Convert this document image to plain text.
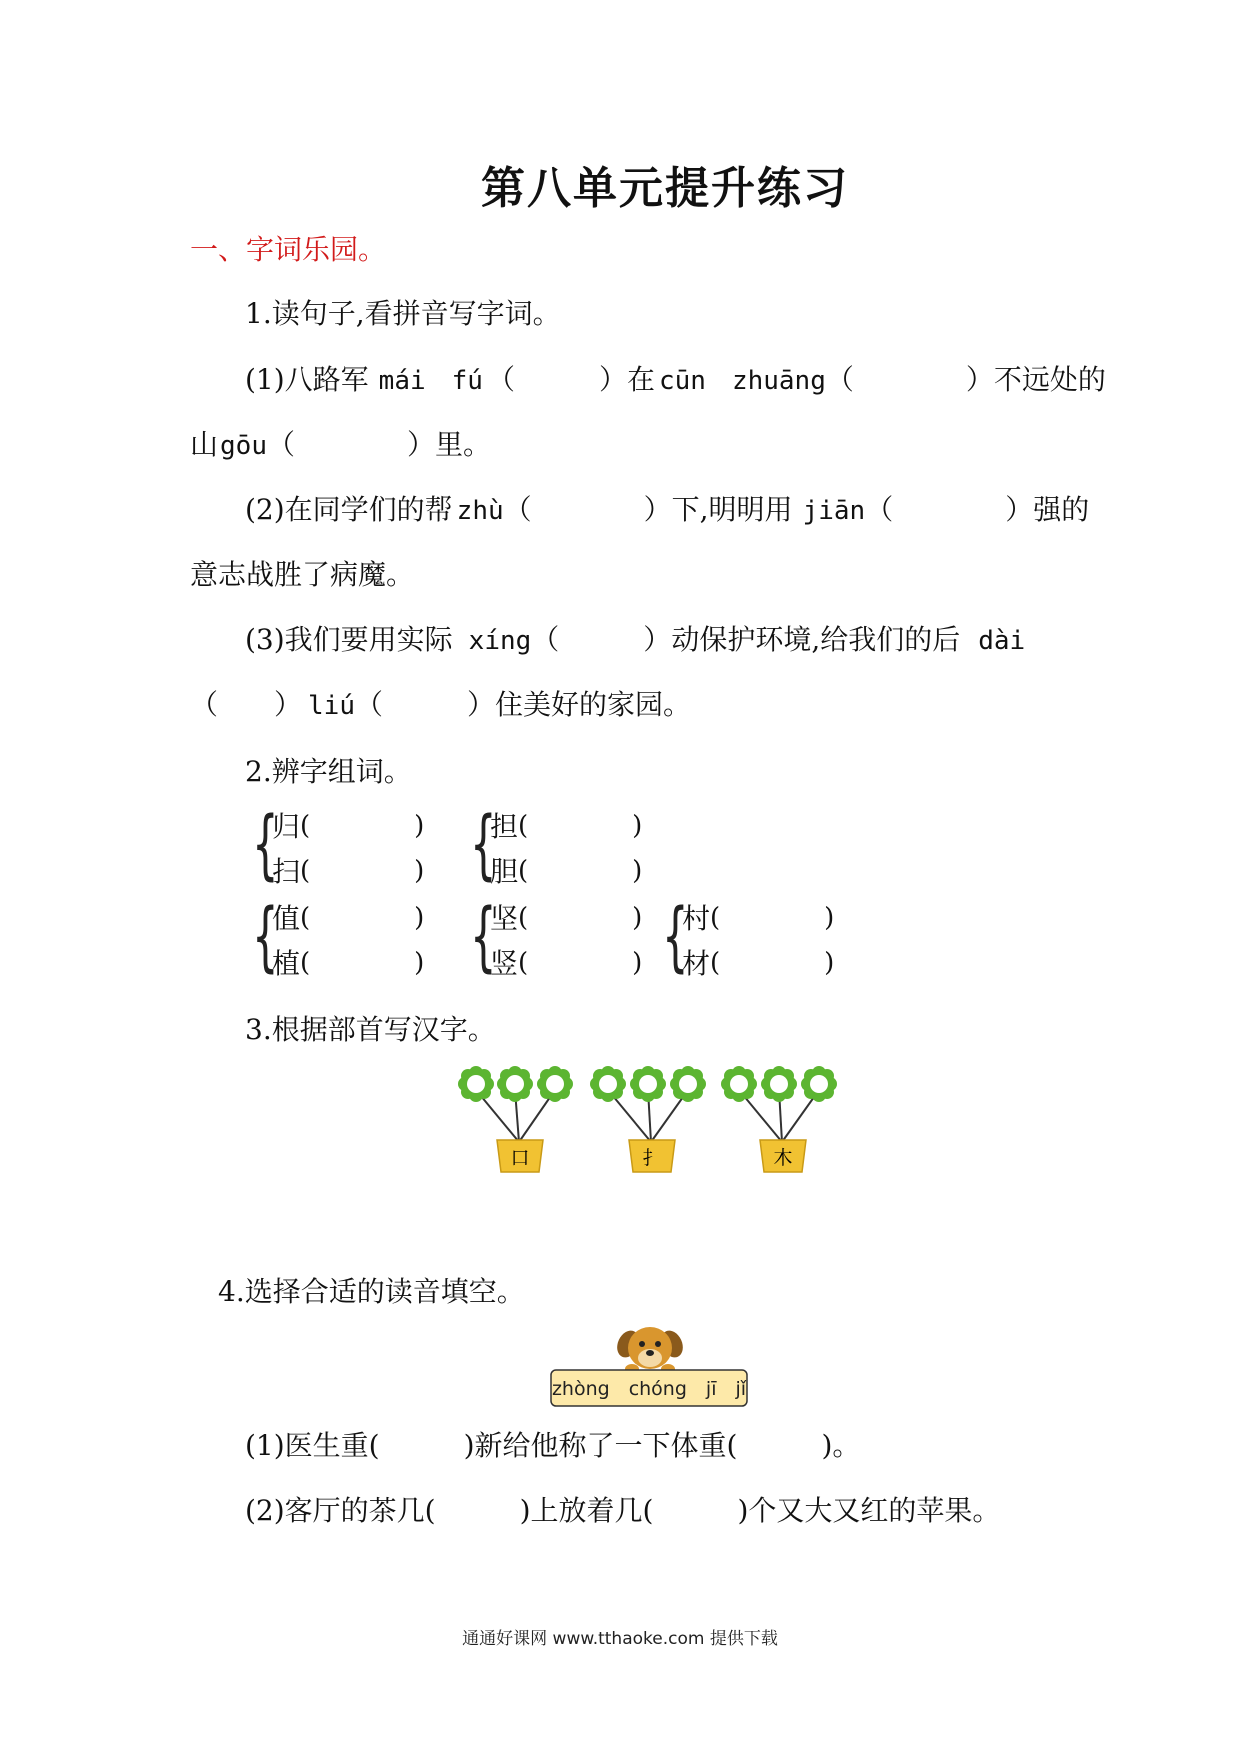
第八单元提升练习
一、字词乐园。
1.读句子,看拼音写字词。
(1)八路军 mái　fú （　　　）在 cūn　zhuāng（　　　　）不远处的
山gōu（　　　　）里。
(2)在同学们的帮 zhù（　　　　）下,明明用 jiān（　　　　）强的
意志战胜了病魔。
(3)我们要用实际 xíng（　　　）动保护环境,给我们的后 dài
（　　） liú（　　　）住美好的家园。
2.辨字组词。
{
归 (　　　　)
扫 (　　　　) {
担 (　　　　)
胆 (　　　　)
{
值 (　　　　)
植 (　　　　) {
坚 (　　　　)
竖 (　　　　) {
村 (　　　　)
材 (　　　　)
3.根据部首写汉字。
口	扌	木
4.选择合适的读音填空。
zhòng　chóng　jī　jǐ
(1)医生重(　　　)新给他称了一下体重(　　　)。
(2)客厅的茶几(　　　)上放着几(　　　)个又大又红的苹果。
通通好课网 www.tthaoke.com 提供下载
